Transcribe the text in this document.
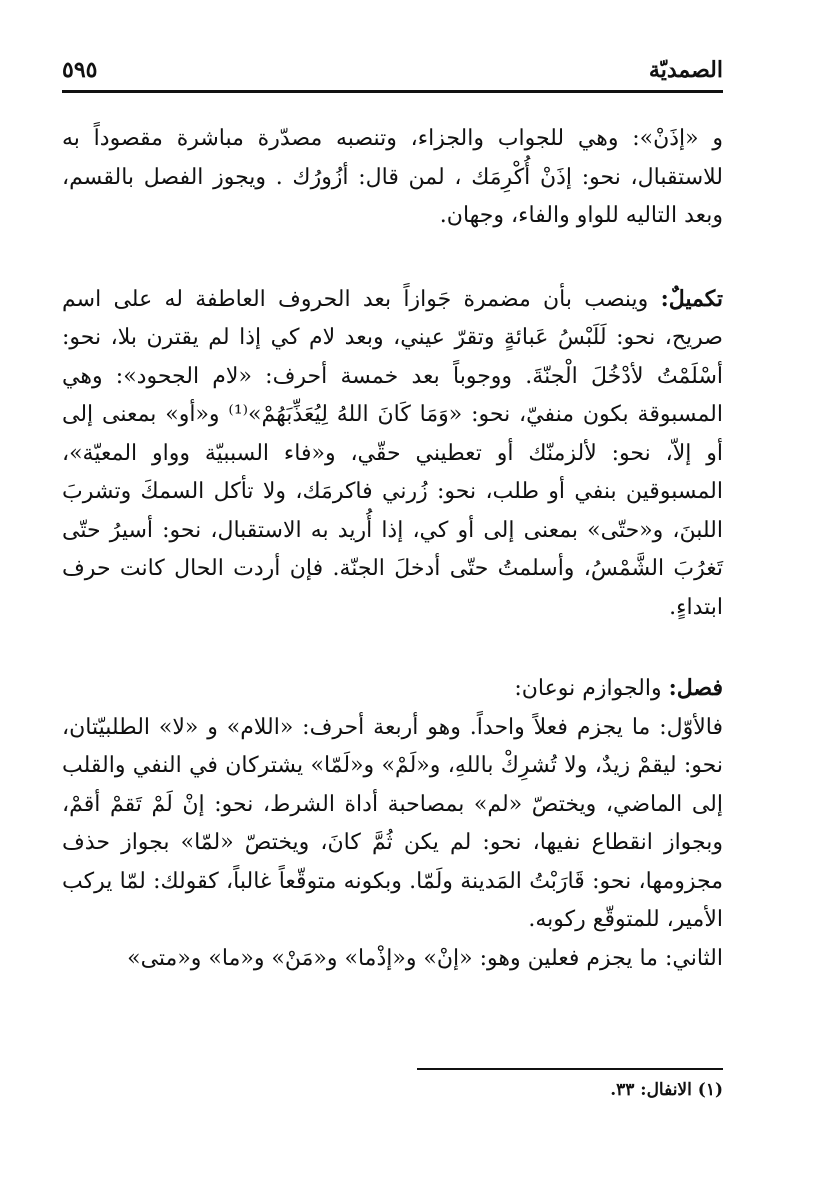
الصمديّة
٥٩٥

و «إذَنْ»: وهي للجواب والجزاء، وتنصبه مصدّرة مباشرة مقصوداً به للاستقبال، نحو: إذَنْ أُكْرِمَك ، لمن قال: أزُورُك . ويجوز الفصل بالقسم، وبعد التاليه للواو والفاء، وجهان.

تكميلٌ: وينصب بأن مضمرة جَوازاً بعد الحروف العاطفة له على اسم صريح، نحو: لَلَبْسُ عَبائةٍ وتقرّ عيني، وبعد لام كي إذا لم يقترن بلا، نحو: أسْلَمْتُ لأدْخُلَ الْجنّةَ. ووجوباً بعد خمسة أحرف: «لام الجحود»: وهي المسبوقة بكون منفيّ، نحو: «وَمَا كَانَ اللهُ لِيُعَذِّبَهُمْ»⁽¹⁾ و«أو» بمعنى إلى أو إلاّ، نحو: لألزمنّك أو تعطيني حقّي، و«فاء السببيّة وواو المعيّة»، المسبوقين بنفي أو طلب، نحو: زُرني فاكرمَك، ولا تأكل السمكَ وتشربَ اللبنَ، و«حتّى» بمعنى إلى أو كي، إذا أُريد به الاستقبال، نحو: أسيرُ حتّى تَغرُبَ الشَّمْسُ، وأسلمتُ حتّى أدخلَ الجنّة. فإن أردت الحال كانت حرف ابتداءٍ.

فصل: والجوازم نوعان:

فالأوّل: ما يجزم فعلاً واحداً. وهو أربعة أحرف: «اللام» و «لا» الطلبيّتان، نحو: ليقمْ زيدٌ، ولا تُشرِكْ باللهِ، و«لَمْ» و«لَمّا» يشتركان في النفي والقلب إلى الماضي، ويختصّ «لم» بمصاحبة أداة الشرط، نحو: إنْ لَمْ تَقمْ أقمْ، وبجواز انقطاع نفيها، نحو: لم يكن ثُمَّ كانَ، ويختصّ «لمّا» بجواز حذف مجزومها، نحو: قَارَبْتُ المَدينة ولَمّا. وبكونه متوقّعاً غالباً، كقولك: لمّا يركب الأمير، للمتوقّع ركوبه.

الثاني: ما يجزم فعلين وهو: «إنْ» و«إذْما» و«مَنْ» و«ما» و«متى»

(١) الانفال: ٣٣.
